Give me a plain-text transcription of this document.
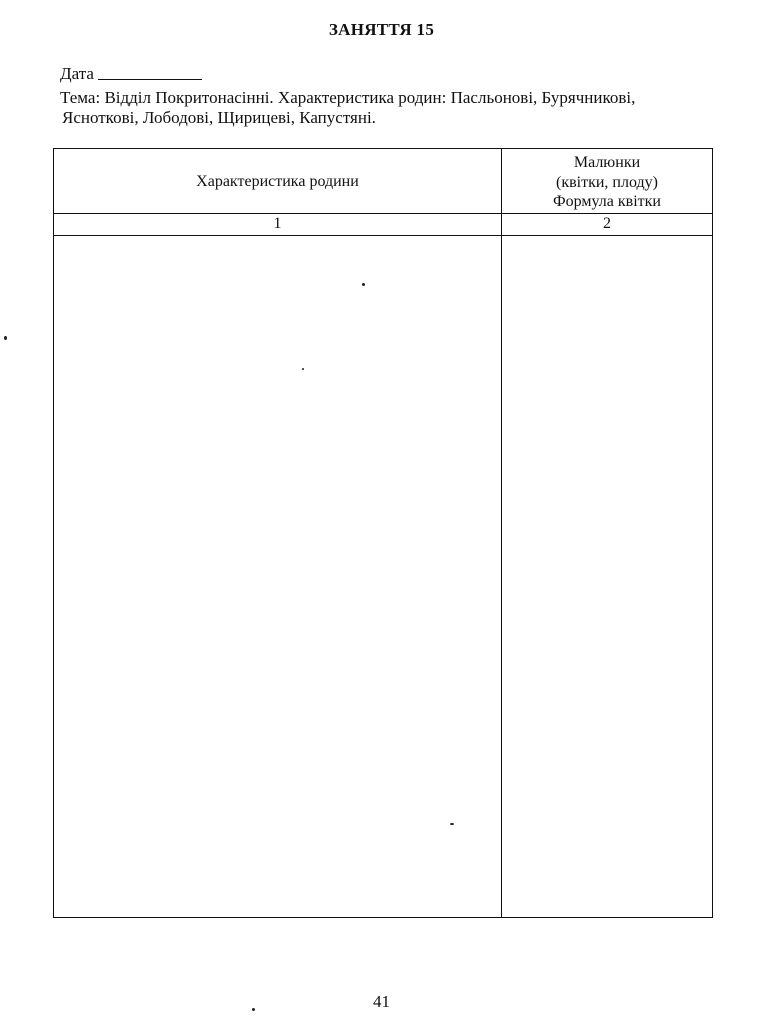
ЗАНЯТТЯ 15
Дата
Тема: Відділ Покритонасінні. Характеристика родин: Пасльонові, Бурячникові,
Ясноткові, Лободові, Щирицеві, Капустяні.
Характеристика родини
Малюнки
(квітки, плоду)
Формула квітки
1	2
41
